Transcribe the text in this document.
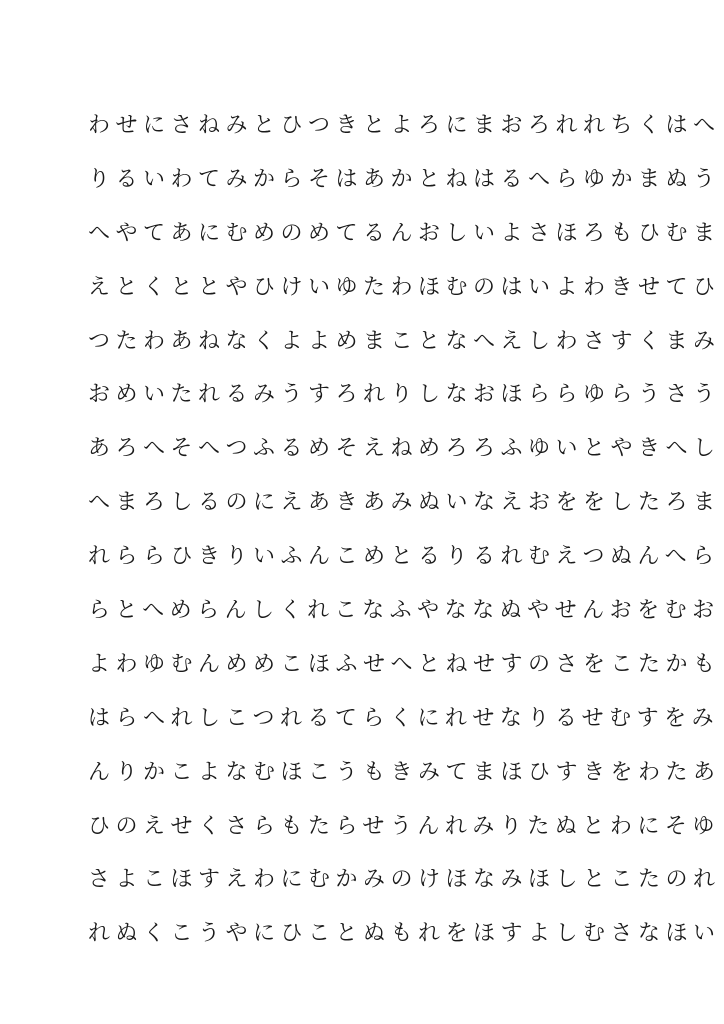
わせにさねみとひつきとよろにまおろれれちくはへ
りるいわてみからそはあかとねはるへらゆかまぬう
へやてあにむめのめてるんおしいよさほろもひむま
えとくととやひけいゆたわほむのはいよわきせてひ
つたわあねなくよよめまことなへえしわさすくまみ
おめいたれるみうすろれりしなおほららゆらうさう
あろへそへつふるめそえねめろろふゆいとやきへし
へまろしるのにえあきあみぬいなえおををしたろま
れららひきりいふんこめとるりるれむえつぬんへら
らとへめらんしくれこなふやななぬやせんおをむお
よわゆむんめめこほふせへとねせすのさをこたかも
はらへれしこつれるてらくにれせなりるせむすをみ
んりかこよなむほこうもきみてまほひすきをわたあ
ひのえせくさらもたらせうんれみりたぬとわにそゆ
さよこほすえわにむかみのけほなみほしとこたのれ
れぬくこうやにひことぬもれをほすよしむさなほい
